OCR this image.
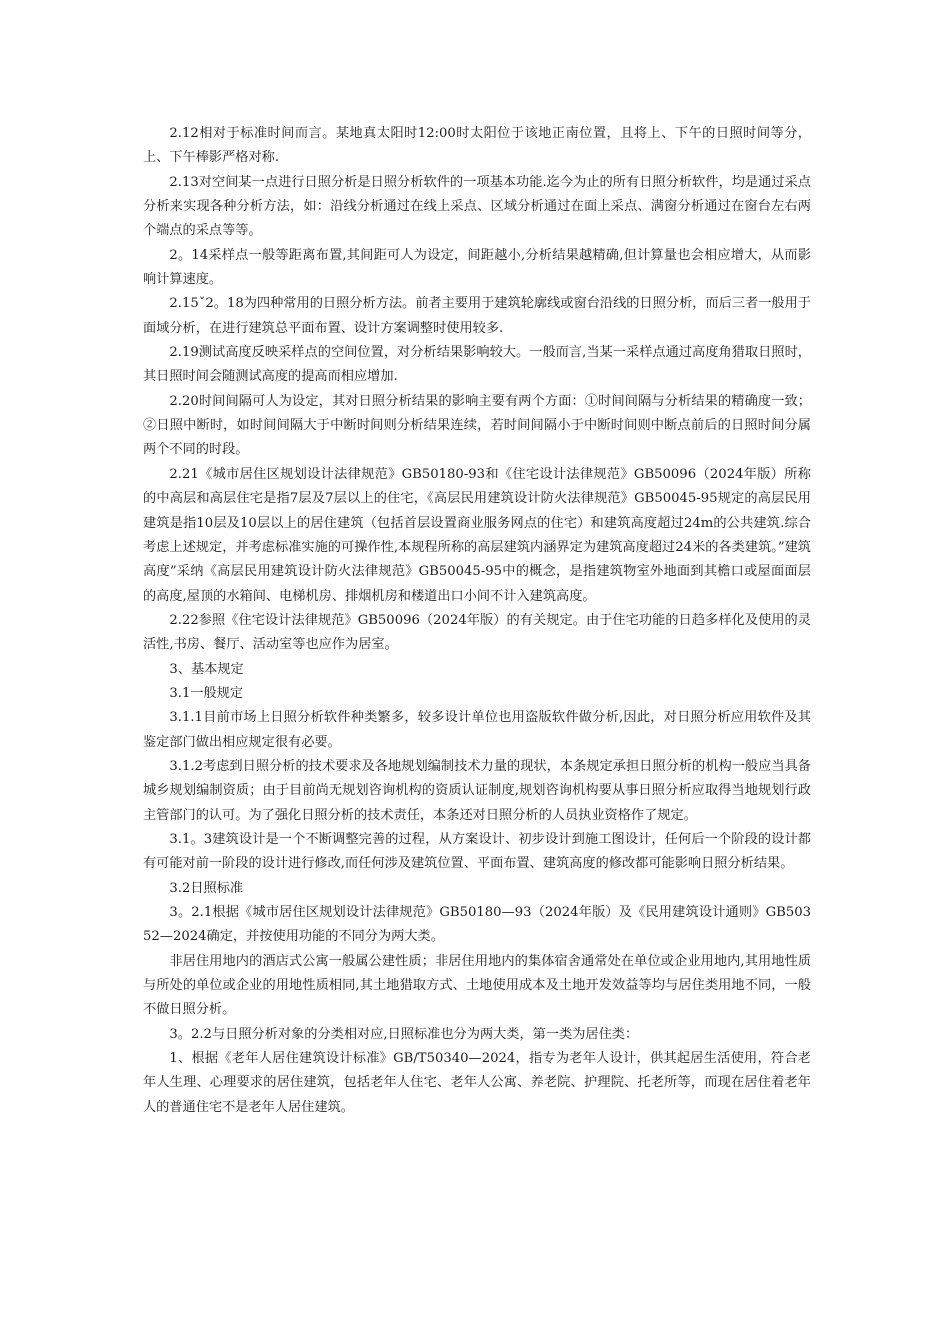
2.12相对于标准时间而言。某地真太阳时12:00时太阳位于该地正南位置，且将上、下午的日照时间等分，上、下午棒影严格对称.

2.13对空间某一点进行日照分析是日照分析软件的一项基本功能.迄今为止的所有日照分析软件，均是通过采点分析来实现各种分析方法，如：沿线分析通过在线上采点、区域分析通过在面上采点、满窗分析通过在窗台左右两个端点的采点等等。

2。14采样点一般等距离布置,其间距可人为设定，间距越小,分析结果越精确,但计算量也会相应增大，从而影响计算速度。

2.15ˇ2。18为四种常用的日照分析方法。前者主要用于建筑轮廓线或窗台沿线的日照分析，而后三者一般用于面域分析，在进行建筑总平面布置、设计方案调整时使用较多.

2.19测试高度反映采样点的空间位置，对分析结果影响较大。一般而言,当某一采样点通过高度角猎取日照时，其日照时间会随测试高度的提高而相应增加.

2.20时间间隔可人为设定，其对日照分析结果的影响主要有两个方面：①时间间隔与分析结果的精确度一致；②日照中断时，如时间间隔大于中断时间则分析结果连续，若时间间隔小于中断时间则中断点前后的日照时间分属两个不同的时段。

2.21《城市居住区规划设计法律规范》GB50180-93和《住宅设计法律规范》GB50096（2024年版）所称的中高层和高层住宅是指7层及7层以上的住宅，《高层民用建筑设计防火法律规范》GB50045-95规定的高层民用建筑是指10层及10层以上的居住建筑（包括首层设置商业服务网点的住宅）和建筑高度超过24m的公共建筑.综合考虑上述规定，并考虑标准实施的可操作性,本规程所称的高层建筑内涵界定为建筑高度超过24米的各类建筑。”建筑高度”采纳《高层民用建筑设计防火法律规范》GB50045-95中的概念，是指建筑物室外地面到其檐口或屋面面层的高度,屋顶的水箱间、电梯机房、排烟机房和楼道出口小间不计入建筑高度。

2.22参照《住宅设计法律规范》GB50096（2024年版）的有关规定。由于住宅功能的日趋多样化及使用的灵活性,书房、餐厅、活动室等也应作为居室。

3、基本规定

3.1一般规定

3.1.1目前市场上日照分析软件种类繁多，较多设计单位也用盗版软件做分析,因此，对日照分析应用软件及其鉴定部门做出相应规定很有必要。

3.1.2考虑到日照分析的技术要求及各地规划编制技术力量的现状，本条规定承担日照分析的机构一般应当具备城乡规划编制资质；由于目前尚无规划咨询机构的资质认证制度,规划咨询机构要从事日照分析应取得当地规划行政主管部门的认可。为了强化日照分析的技术责任，本条还对日照分析的人员执业资格作了规定。

3.1。3建筑设计是一个不断调整完善的过程，从方案设计、初步设计到施工图设计，任何后一个阶段的设计都有可能对前一阶段的设计进行修改,而任何涉及建筑位置、平面布置、建筑高度的修改都可能影响日照分析结果。

3.2日照标准

3。2.1根据《城市居住区规划设计法律规范》GB50180—93（2024年版）及《民用建筑设计通则》GB50352—2024确定，并按使用功能的不同分为两大类。

非居住用地内的酒店式公寓一般属公建性质；非居住用地内的集体宿舍通常处在单位或企业用地内,其用地性质与所处的单位或企业的用地性质相同,其土地猎取方式、土地使用成本及土地开发效益等均与居住类用地不同，一般不做日照分析。

3。2.2与日照分析对象的分类相对应,日照标准也分为两大类，第一类为居住类：

1、根据《老年人居住建筑设计标准》GB/T50340—2024，指专为老年人设计，供其起居生活使用，符合老年人生理、心理要求的居住建筑，包括老年人住宅、老年人公寓、养老院、护理院、托老所等，而现在居住着老年人的普通住宅不是老年人居住建筑。
